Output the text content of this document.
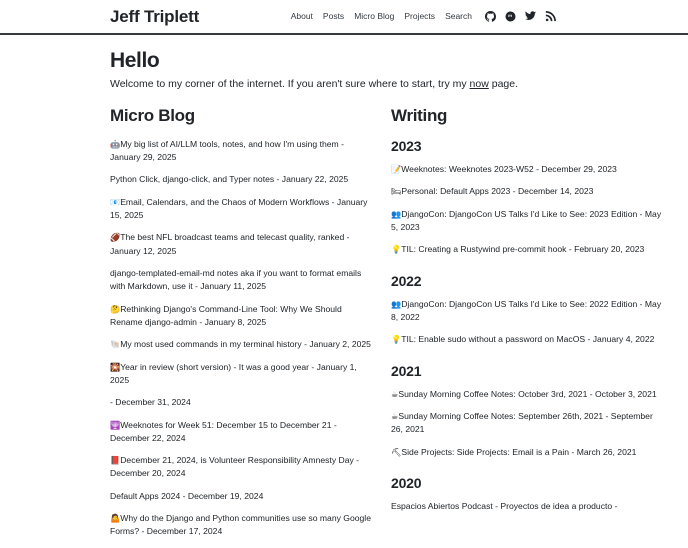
Jeff Triplett	About Posts Micro Blog Projects Search
Hello

Welcome to my corner of the internet. If you aren't sure where to start, try my now page.

Micro Blog
🤖My big list of AI/LLM tools, notes, and how I'm using them - January 29, 2025
Python Click, django-click, and Typer notes - January 22, 2025
📧Email, Calendars, and the Chaos of Modern Workflows - January 15, 2025
🏈The best NFL broadcast teams and telecast quality, ranked - January 12, 2025
django-templated-email-md notes aka if you want to format emails with Markdown, use it - January 11, 2025
🤔Rethinking Django's Command-Line Tool: Why We Should Rename django-admin - January 8, 2025
🐚My most used commands in my terminal history - January 2, 2025
🎇Year in review (short version) - It was a good year - January 1, 2025
- December 31, 2024
🕎Weeknotes for Week 51: December 15 to December 21 - December 22, 2024
📕December 21, 2024, is Volunteer Responsibility Amnesty Day - December 20, 2024
Default Apps 2024 - December 19, 2024
🤷Why do the Django and Python communities use so many Google Forms? - December 17, 2024
Writing
2023
📝Weeknotes: Weeknotes 2023-W52 - December 29, 2023
🛏Personal: Default Apps 2023 - December 14, 2023
👥DjangoCon: DjangoCon US Talks I'd Like to See: 2023 Edition - May 5, 2023
💡TIL: Creating a Rustywind pre-commit hook - February 20, 2023
2022
👥DjangoCon: DjangoCon US Talks I'd Like to See: 2022 Edition - May 8, 2022
💡TIL: Enable sudo without a password on MacOS - January 4, 2022
2021
☕Sunday Morning Coffee Notes: October 3rd, 2021 - October 3, 2021
☕Sunday Morning Coffee Notes: September 26th, 2021 - September 26, 2021
⛏Side Projects: Side Projects: Email is a Pain - March 26, 2021
2020
Espacios Abiertos Podcast - Proyectos de idea a producto -
